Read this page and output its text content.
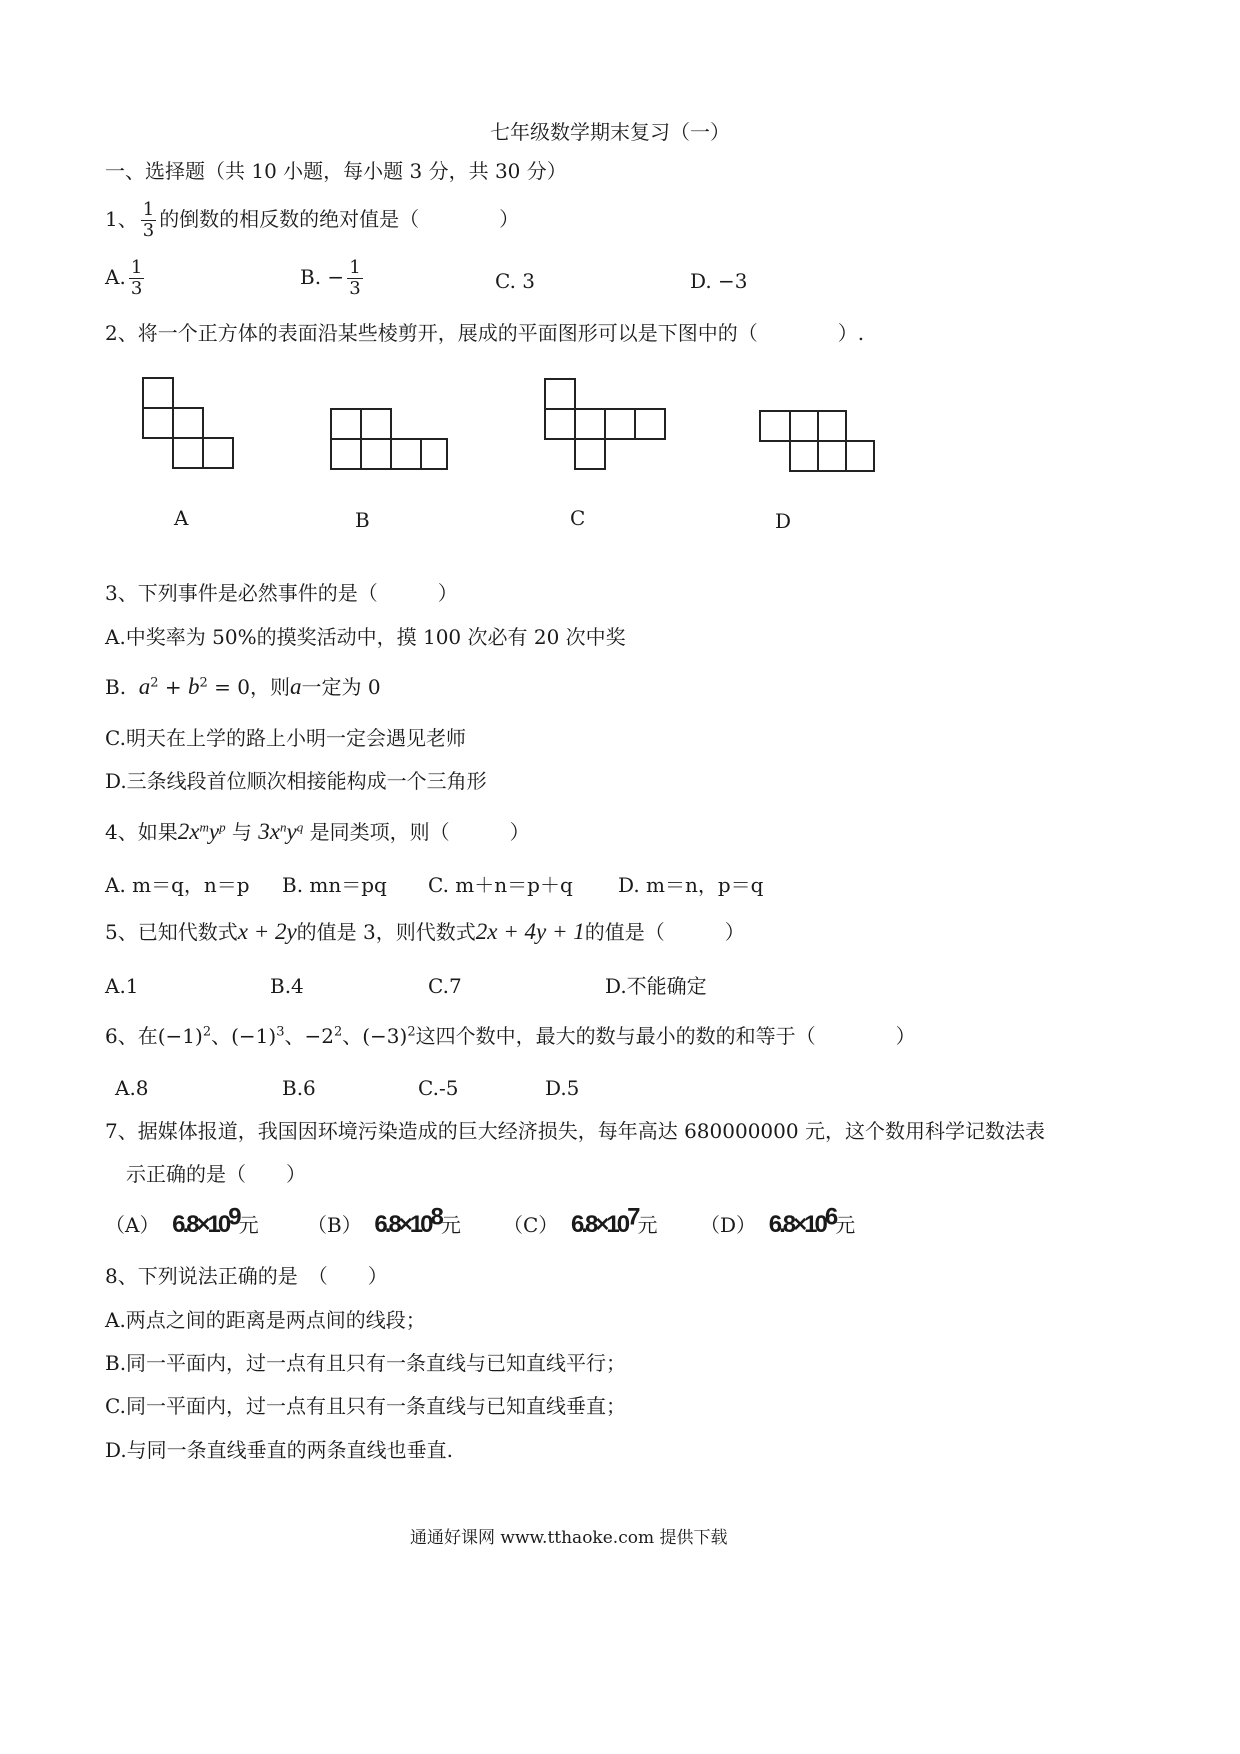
七年级数学期末复习（一）
一、选择题（共 10 小题，每小题 3 分，共 30 分）
1、 $\frac{1}{3}$ 的倒数的相反数的绝对值是（　　　　）
A. $\frac{1}{3}$	B. − $\frac{1}{3}$	C. 3	D. −3
2、将一个正方体的表面沿某些棱剪开，展成的平面图形可以是下图中的（　　　　）.
A	B	C	D
3、下列事件是必然事件的是（　　　）
A.中奖率为 50%的摸奖活动中，摸 100 次必有 20 次中奖
B. $a^2 + b^2 = 0$，则a一定为 0
C.明天在上学的路上小明一定会遇见老师
D.三条线段首位顺次相接能构成一个三角形
4、如果$2x^my^p$ 与 $3x^ny^q$ 是同类项，则（　　　）
A. m＝q，n＝p B. mn＝pq C. m＋n＝p＋q D. m＝n，p＝q
5、已知代数式x + 2y的值是 3，则代数式2x + 4y + 1的值是（　　　）
A.1	B.4	C.7	D.不能确定
6、在$(-1)^2$、$(-1)^3$、$-2^2$、$(-3)^2$这四个数中，最大的数与最小的数的和等于（　　　　）
A.8	B.6	C.-5	D.5
7、据媒体报道，我国因环境污染造成的巨大经济损失，每年高达 680000000 元，这个数用科学记数法表
示正确的是（　　）
（A） $6.8\times 10^9$元 （B） $6.8\times 10^8$元 （C） $6.8\times 10^7$元 （D） $6.8\times 10^6$元
8、下列说法正确的是　（　　）
A.两点之间的距离是两点间的线段；
B.同一平面内，过一点有且只有一条直线与已知直线平行；
C.同一平面内，过一点有且只有一条直线与已知直线垂直；
D.与同一条直线垂直的两条直线也垂直.
通通好课网 www.tthaoke.com 提供下载
